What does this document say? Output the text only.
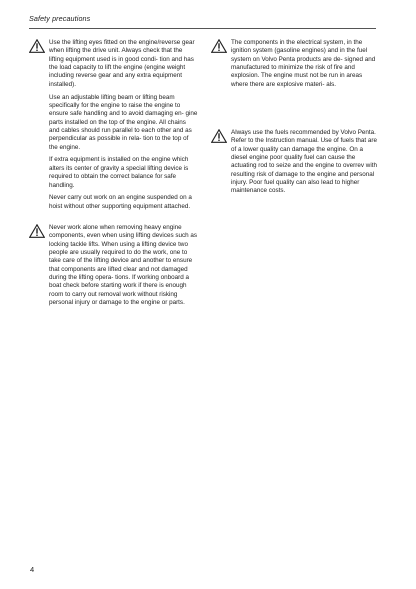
Safety precautions

Use the lifting eyes fitted on the engine/reverse gear when lifting the drive unit. Always check that the lifting equipment used is in good condi- tion and has the load capacity to lift the engine (engine weight including reverse gear and any extra equipment installed).

Use an adjustable lifting beam or lifting beam specifically for the engine to raise the engine to ensure safe handling and to avoid damaging en- gine parts installed on the top of the engine. All chains and cables should run parallel to each other and as perpendicular as possible in rela- tion to the top of the engine.

If extra equipment is installed on the engine which alters its center of gravity a special lifting device is required to obtain the correct balance for safe handling.

Never carry out work on an engine suspended on a hoist without other supporting equipment attached.

Never work alone when removing heavy engine components, even when using lifting devices such as locking tackle lifts. When using a lifting device two people are usually required to do the work, one to take care of the lifting device and another to ensure that components are lifted clear and not damaged during the lifting opera- tions. If working onboard a boat check before starting work if there is enough room to carry out removal work without risking personal injury or damage to the engine or parts.

The components in the electrical system, in the ignition system (gasoline engines) and in the fuel system on Volvo Penta products are de- signed and manufactured to minimize the risk of fire and explosion. The engine must not be run in areas where there are explosive materi- als.

Always use the fuels recommended by Volvo Penta. Refer to the Instruction manual. Use of fuels that are of a lower quality can damage the engine. On a diesel engine poor quality fuel can cause the actuating rod to seize and the engine to overrev with resulting risk of damage to the engine and personal injury. Poor fuel quality can also lead to higher maintenance costs.

4
